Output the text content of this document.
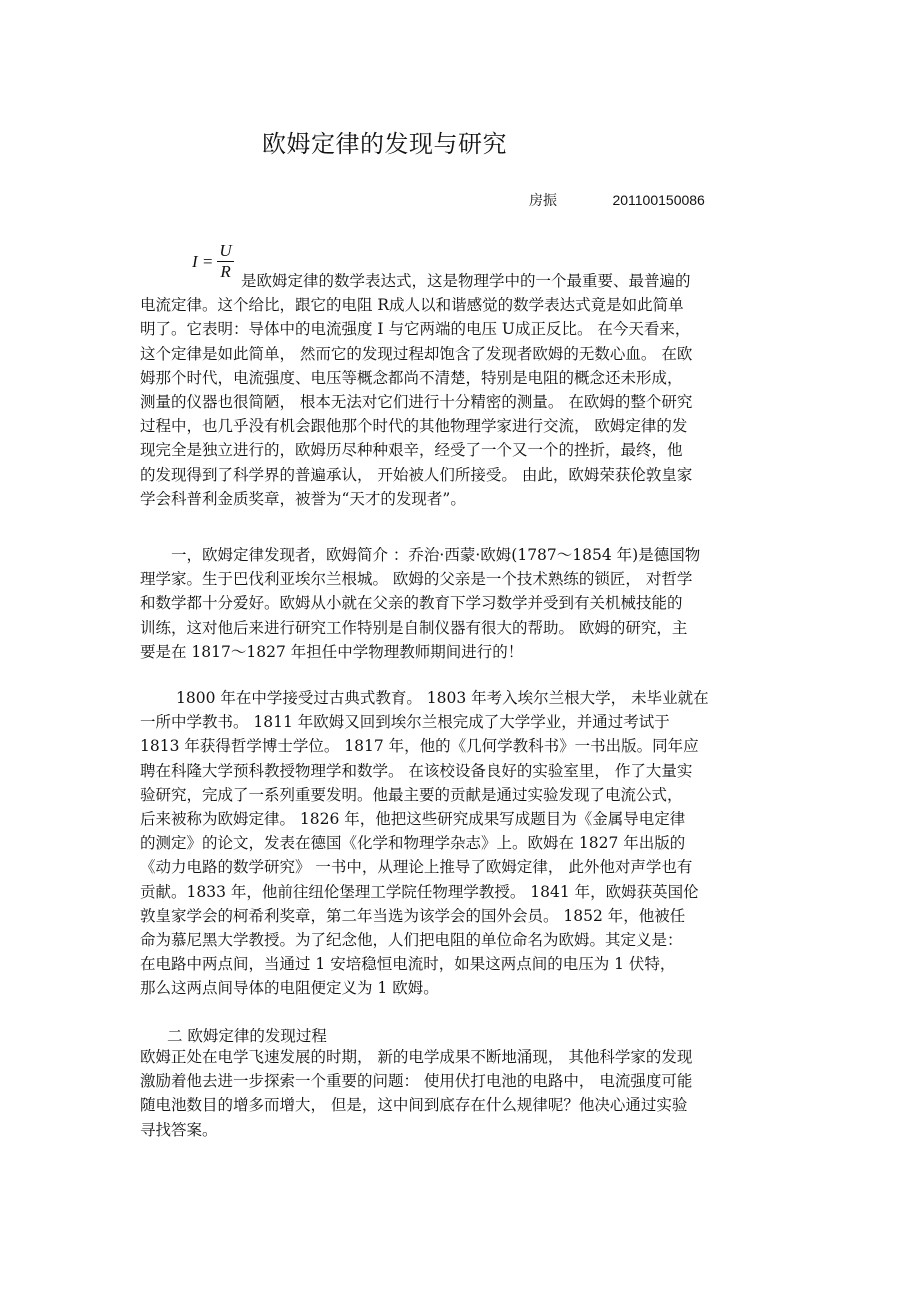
欧姆定律的发现与研究
房振	201100150086
$I = \frac{U}{R}$ 是欧姆定律的数学表达式，这是物理学中的一个最重要、最普遍的
电流定律。这个给比，跟它的电阻 R成人以和谐感觉的数学表达式竟是如此简单
明了。它表明：导体中的电流强度 I 与它两端的电压 U成正反比。 在今天看来，
这个定律是如此简单， 然而它的发现过程却饱含了发现者欧姆的无数心血。 在欧
姆那个时代，电流强度、电压等概念都尚不清楚，特别是电阻的概念还未形成，
测量的仪器也很简陋， 根本无法对它们进行十分精密的测量。 在欧姆的整个研究
过程中，也几乎没有机会跟他那个时代的其他物理学家进行交流， 欧姆定律的发
现完全是独立进行的，欧姆历尽种种艰辛，经受了一个又一个的挫折，最终，他
的发现得到了科学界的普遍承认， 开始被人们所接受。 由此，欧姆荣获伦敦皇家
学会科普利金质奖章，被誉为“天才的发现者”。
一，欧姆定律发现者，欧姆简介 ：乔治·西蒙·欧姆(1787～1854 年)是德国物
理学家。生于巴伐利亚埃尔兰根城。 欧姆的父亲是一个技术熟练的锁匠， 对哲学
和数学都十分爱好。欧姆从小就在父亲的教育下学习数学并受到有关机械技能的
训练，这对他后来进行研究工作特别是自制仪器有很大的帮助。 欧姆的研究，主
要是在 1817～1827 年担任中学物理教师期间进行的！
1800 年在中学接受过古典式教育。 1803 年考入埃尔兰根大学， 未毕业就在
一所中学教书。 1811 年欧姆又回到埃尔兰根完成了大学学业，并通过考试于
1813 年获得哲学博士学位。 1817 年，他的《几何学教科书》一书出版。同年应
聘在科隆大学预科教授物理学和数学。 在该校设备良好的实验室里， 作了大量实
验研究，完成了一系列重要发明。他最主要的贡献是通过实验发现了电流公式，
后来被称为欧姆定律。 1826 年，他把这些研究成果写成题目为《金属导电定律
的测定》的论文，发表在德国《化学和物理学杂志》上。欧姆在 1827 年出版的
《动力电路的数学研究》 一书中，从理论上推导了欧姆定律， 此外他对声学也有
贡献。1833 年，他前往纽伦堡理工学院任物理学教授。 1841 年，欧姆获英国伦
敦皇家学会的柯希利奖章，第二年当选为该学会的国外会员。 1852 年，他被任
命为慕尼黑大学教授。为了纪念他，人们把电阻的单位命名为欧姆。其定义是：
在电路中两点间，当通过 1 安培稳恒电流时，如果这两点间的电压为 1 伏特，
那么这两点间导体的电阻便定义为 1 欧姆。
二 欧姆定律的发现过程
欧姆正处在电学飞速发展的时期， 新的电学成果不断地涌现， 其他科学家的发现
激励着他去进一步探索一个重要的问题： 使用伏打电池的电路中， 电流强度可能
随电池数目的增多而增大， 但是，这中间到底存在什么规律呢？他决心通过实验
寻找答案。
